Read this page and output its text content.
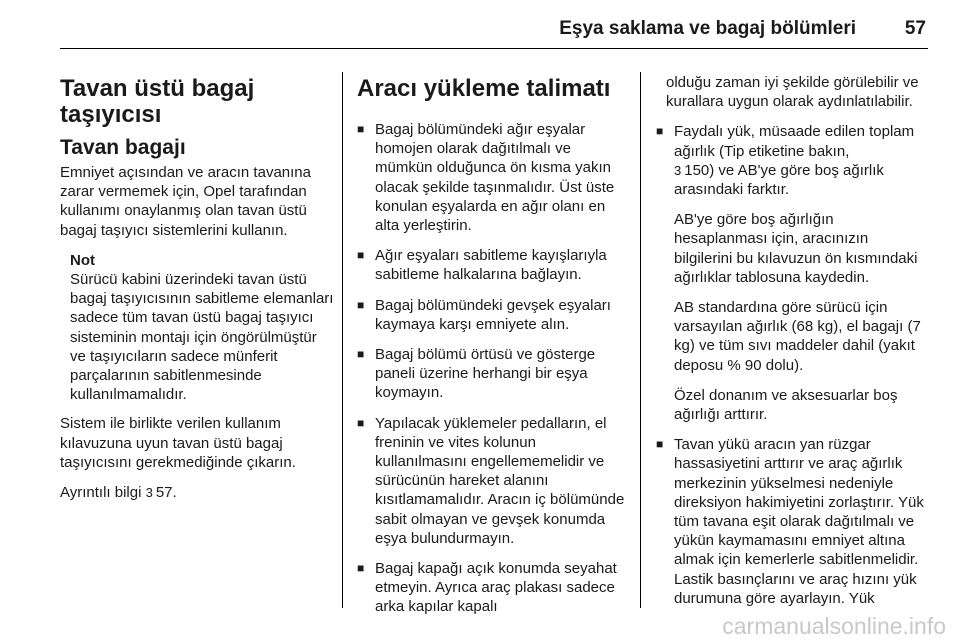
Eşya saklama ve bagaj bölümleri	57
Tavan üstü bagaj taşıyıcısı
Tavan bagajı

Emniyet açısından ve aracın tavanına zarar vermemek için, Opel tarafından kullanımı onaylanmış olan tavan üstü bagaj taşıyıcı sistemlerini kullanın.

Not
Sürücü kabini üzerindeki tavan üstü bagaj taşıyıcısının sabitleme elemanları sadece tüm tavan üstü bagaj taşıyıcı sisteminin montajı için öngörülmüştür ve taşıyıcıların sadece münferit parçalarının sabitlenmesinde kullanılmamalıdır.

Sistem ile birlikte verilen kullanım kılavuzuna uyun tavan üstü bagaj taşıyıcısını gerekmediğinde çıkarın.

Ayrıntılı bilgi 3 57.

Aracı yükleme talimatı
■ Bagaj bölümündeki ağır eşyalar homojen olarak dağıtılmalı ve mümkün olduğunca ön kısma yakın olacak şekilde taşınmalıdır. Üst üste konulan eşyalarda en ağır olanı en alta yerleştirin.
■ Ağır eşyaları sabitleme kayışlarıyla sabitleme halkalarına bağlayın.
■ Bagaj bölümündeki gevşek eşyaları kaymaya karşı emniyete alın.
■ Bagaj bölümü örtüsü ve gösterge paneli üzerine herhangi bir eşya koymayın.
■ Yapılacak yüklemeler pedalların, el freninin ve vites kolunun kullanılmasını engellememelidir ve sürücünün hareket alanını kısıtlamamalıdır. Aracın iç bölümünde sabit olmayan ve gevşek konumda eşya bulundurmayın.
■ Bagaj kapağı açık konumda seyahat etmeyin. Ayrıca araç plakası sadece arka kapılar kapalı
olduğu zaman iyi şekilde görülebilir ve kurallara uygun olarak aydınlatılabilir.
■ Faydalı yük, müsaade edilen toplam ağırlık (Tip etiketine bakın,
3 150) ve AB'ye göre boş ağırlık arasındaki farktır.
AB'ye göre boş ağırlığın hesaplanması için, aracınızın bilgilerini bu kılavuzun ön kısmındaki ağırlıklar tablosuna kaydedin.
AB standardına göre sürücü için varsayılan ağırlık (68 kg), el bagajı (7 kg) ve tüm sıvı maddeler dahil (yakıt deposu % 90 dolu).
Özel donanım ve aksesuarlar boş ağırlığı arttırır.
■ Tavan yükü aracın yan rüzgar hassasiyetini arttırır ve araç ağırlık merkezinin yükselmesi nedeniyle direksiyon hakimiyetini zorlaştırır. Yük tüm tavana eşit olarak dağıtılmalı ve yükün kaymamasını emniyet altına almak için kemerlerle sabitlenmelidir. Lastik basınçlarını ve araç hızını yük durumuna göre ayarlayın. Yük
carmanualsonline.info
